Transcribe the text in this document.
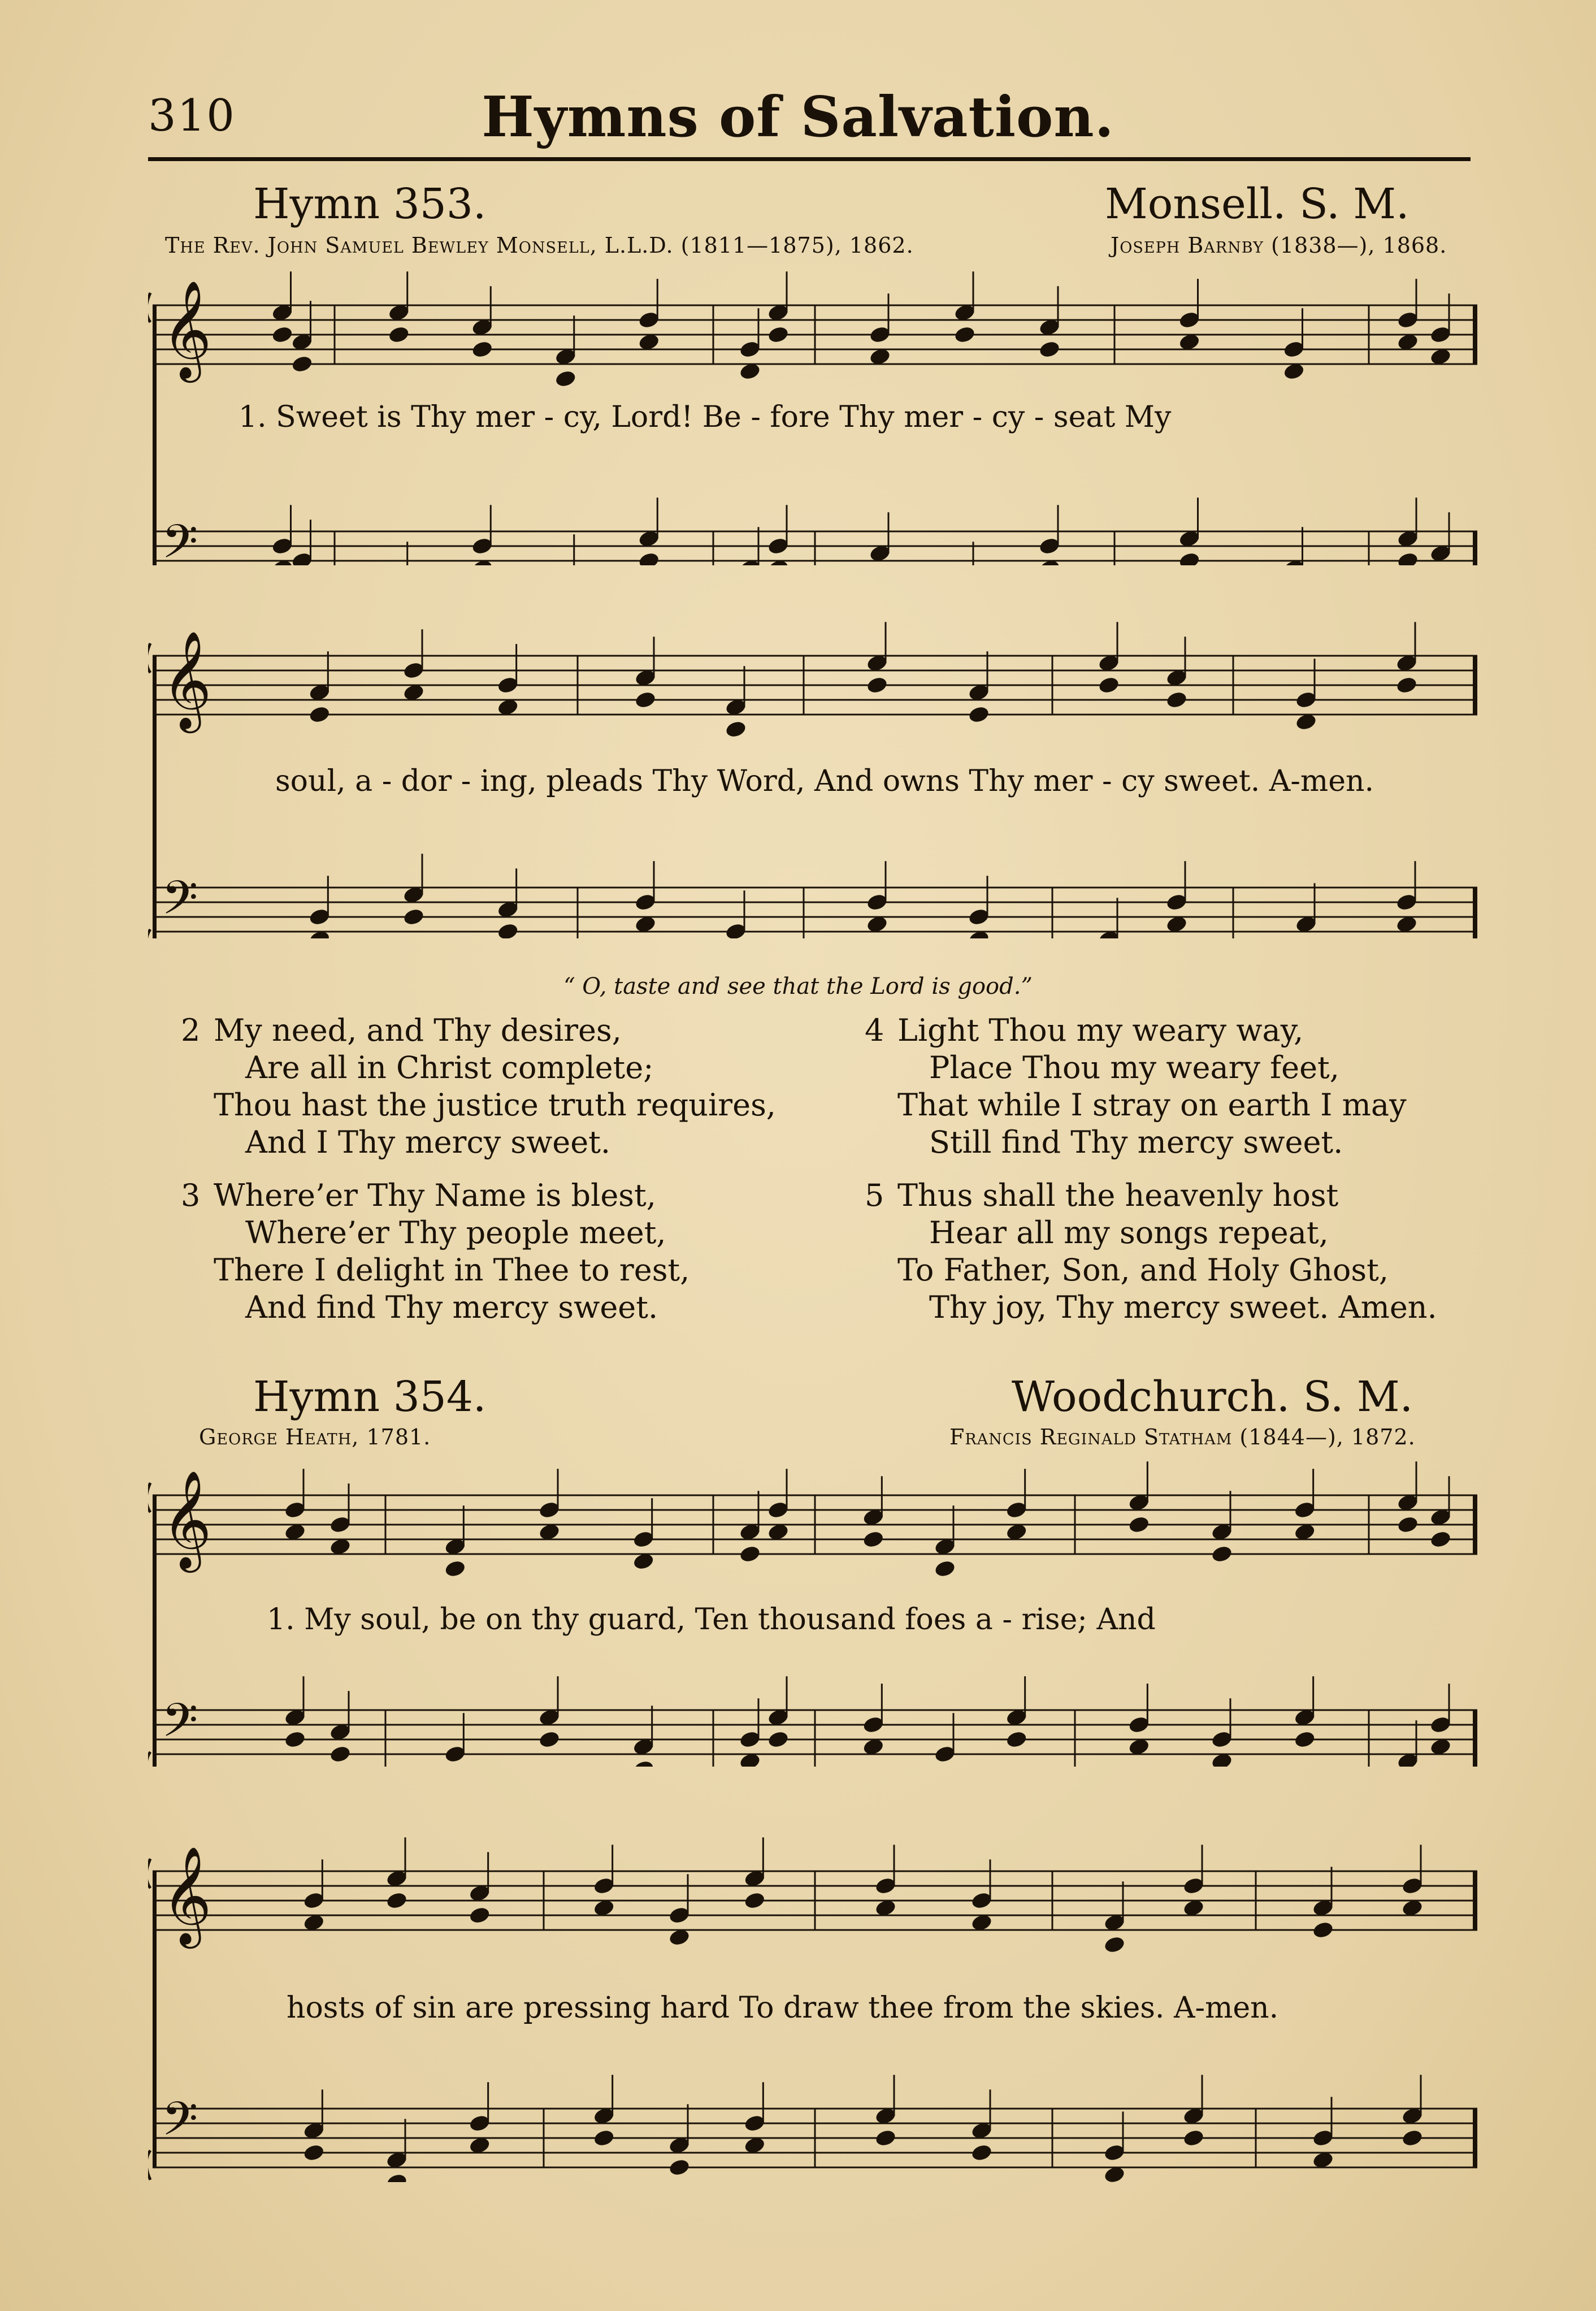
310	Hymns of Salvation.
Hymn 353.	Monsell. S. M.
The Rev. John Samuel Bewley Monsell, L.L.D. (1811—1875), 1862.	Joseph Barnby (1838—), 1868.
𝄞
𝄢
1. Sweet is Thy mer - cy, Lord! Be - fore Thy mer - cy - seat My
𝄞
𝄢
soul, a - dor - ing, pleads Thy Word, And owns Thy mer - cy sweet. A-men.
“ O, taste and see that the Lord is good.”
2 My need, and Thy desires,
Are all in Christ complete;
Thou hast the justice truth requires,
And I Thy mercy sweet.
3 Where’er Thy Name is blest,
Where’er Thy people meet,
There I delight in Thee to rest,
And find Thy mercy sweet.
4 Light Thou my weary way,
Place Thou my weary feet,
That while I stray on earth I may
Still find Thy mercy sweet.
5 Thus shall the heavenly host
Hear all my songs repeat,
To Father, Son, and Holy Ghost,
Thy joy, Thy mercy sweet. Amen.
Hymn 354.	Woodchurch. S. M.
George Heath, 1781.	Francis Reginald Statham (1844—), 1872.
𝄞
𝄢
1. My soul, be on thy guard, Ten thousand foes a - rise; And
𝄞
𝄢
hosts of sin are pressing hard To draw thee from the skies. A-men.
